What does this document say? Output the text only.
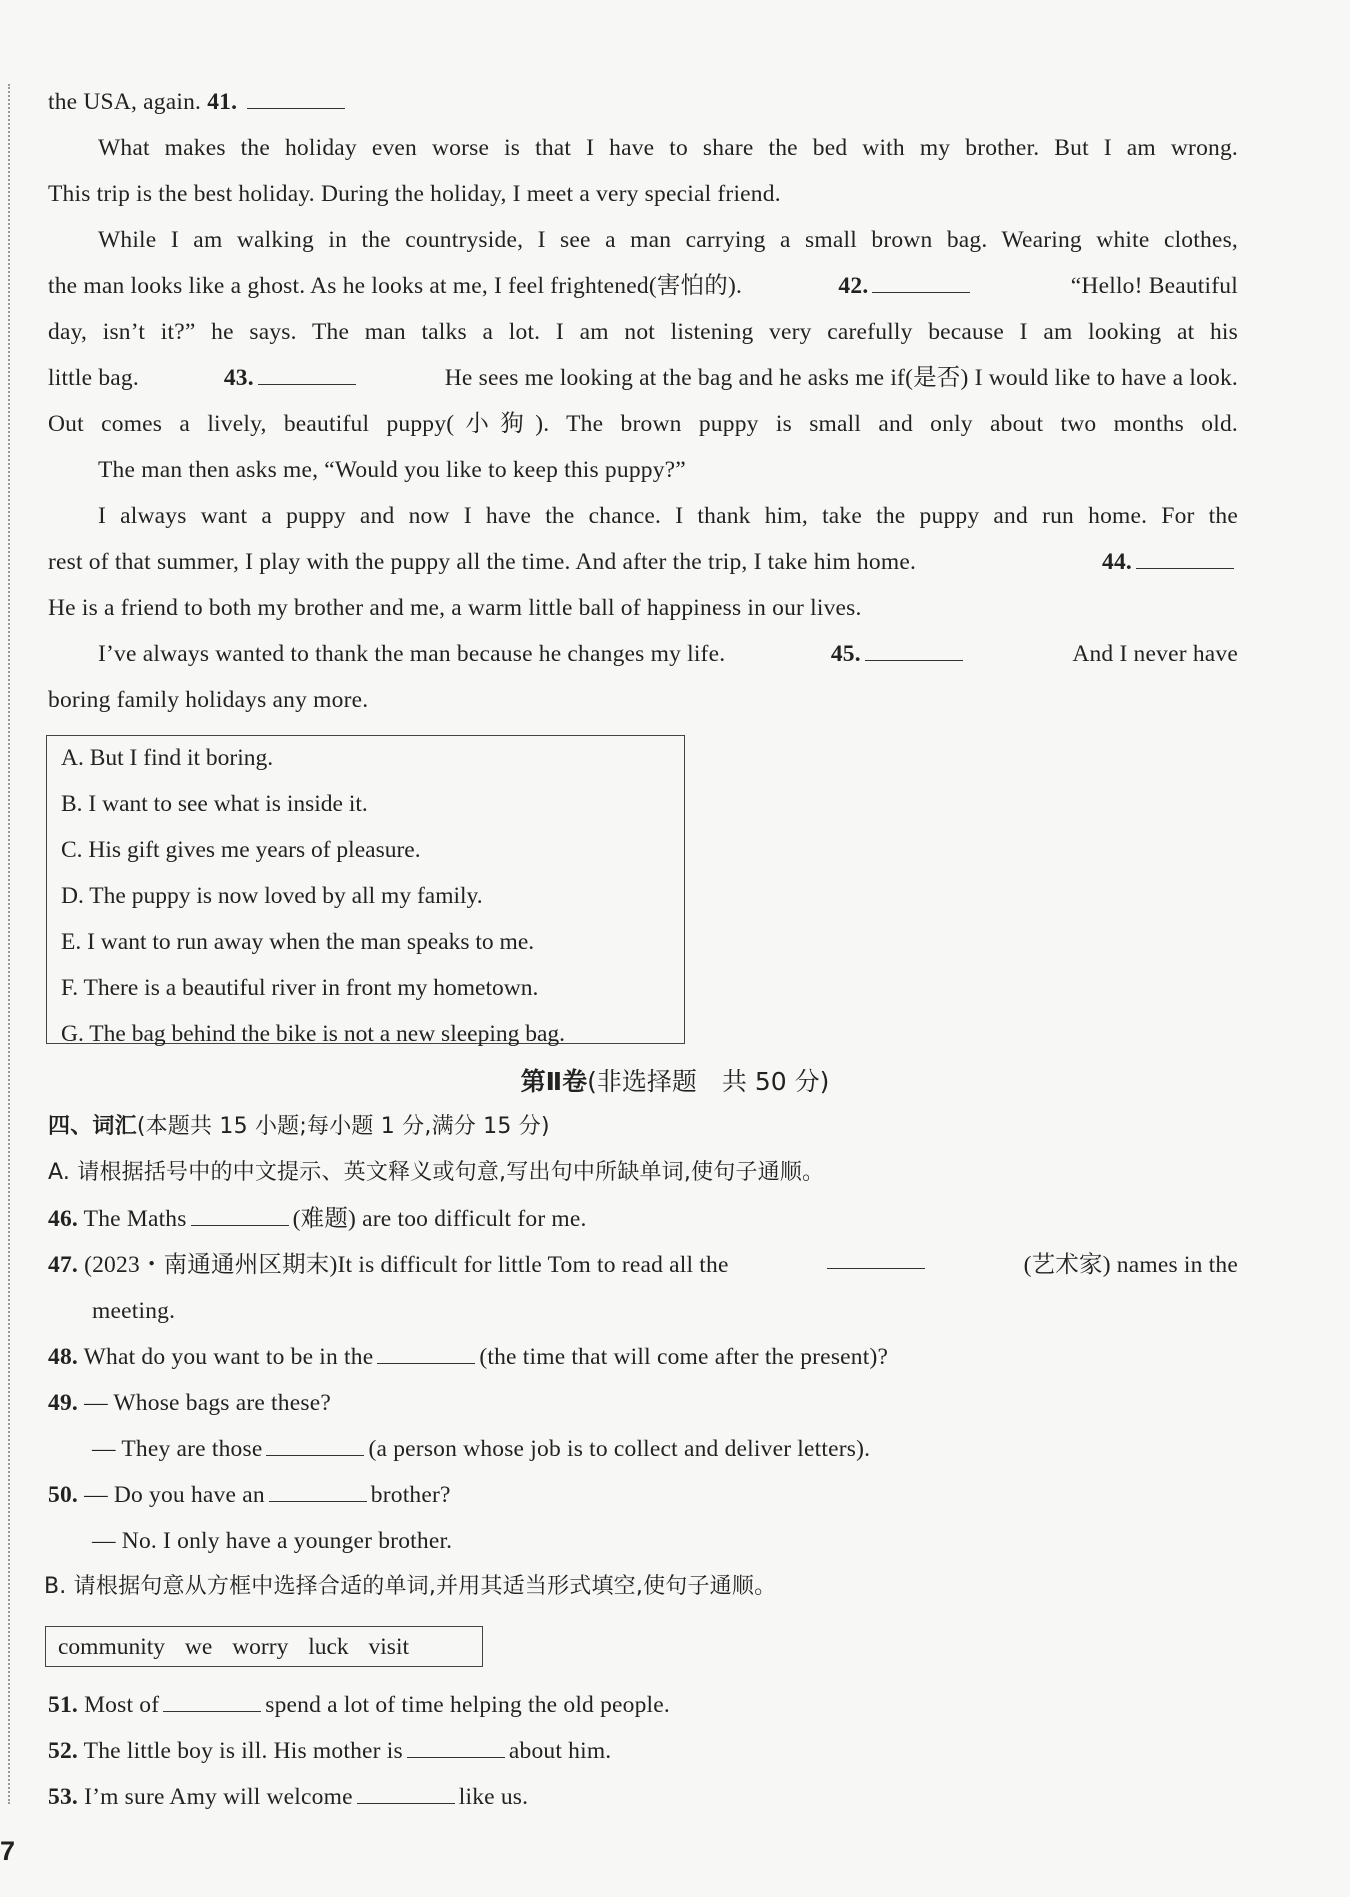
the USA, again. 41.
What makes the holiday even worse is that I have to share the bed with my brother. But I am wrong.
This trip is the best holiday. During the holiday, I meet a very special friend.
While I am walking in the countryside, I see a man carrying a small brown bag. Wearing white clothes,
the man looks like a ghost. As he looks at me, I feel frightened(害怕的).	42.	“Hello! Beautiful
day, isn’t it?” he says. The man talks a lot. I am not listening very carefully because I am looking at his
little bag.	43.	He sees me looking at the bag and he asks me if(是否) I would like to have a look.
Out comes a lively, beautiful puppy(小狗). The brown puppy is small and only about two months old.
The man then asks me, “Would you like to keep this puppy?”
I always want a puppy and now I have the chance. I thank him, take the puppy and run home. For the
rest of that summer, I play with the puppy all the time. And after the trip, I take him home.	44.
He is a friend to both my brother and me, a warm little ball of happiness in our lives.
I’ve always wanted to thank the man because he changes my life.	45.	And I never have
boring family holidays any more.
A. But I find it boring.
B. I want to see what is inside it.
C. His gift gives me years of pleasure.
D. The puppy is now loved by all my family.
E. I want to run away when the man speaks to me.
F. There is a beautiful river in front my hometown.
G. The bag behind the bike is not a new sleeping bag.
第Ⅱ卷(非选择题　共 50 分)
四、词汇(本题共 15 小题;每小题 1 分,满分 15 分)
A. 请根据括号中的中文提示、英文释义或句意,写出句中所缺单词,使句子通顺。
46. The Maths	(难题) are too difficult for me.
47. (2023・南通通州区期末)It is difficult for little Tom to read all the	(艺术家) names in the
meeting.
48. What do you want to be in the	(the time that will come after the present)?
49. — Whose bags are these?
— They are those	(a person whose job is to collect and deliver letters).
50. — Do you have an	brother?
— No. I only have a younger brother.
B. 请根据句意从方框中选择合适的单词,并用其适当形式填空,使句子通顺。
community we worry luck visit
51. Most of	spend a lot of time helping the old people.
52. The little boy is ill. His mother is	about him.
53. I’m sure Amy will welcome	like us.
7
